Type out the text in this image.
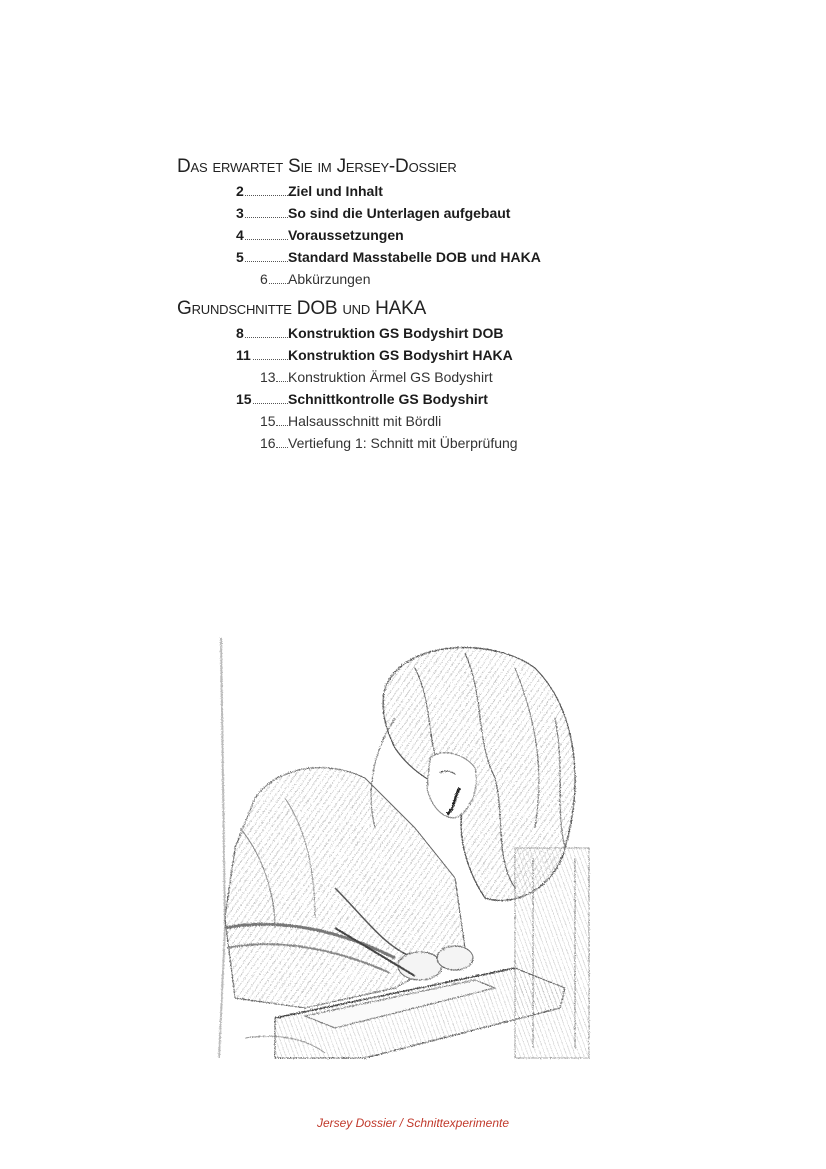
Das erwartet Sie im Jersey-Dossier
2	Ziel und Inhalt
3	So sind die Unterlagen aufgebaut
4	Voraussetzungen
5	Standard Masstabelle DOB und HAKA
6 Abkürzungen
Grundschnitte DOB und HAKA
8	Konstruktion GS Bodyshirt DOB
11	Konstruktion GS Bodyshirt HAKA
13 Konstruktion Ärmel GS Bodyshirt
15	Schnittkontrolle GS Bodyshirt
15 Halsausschnitt mit Bördli
16 Vertiefung 1: Schnitt mit Überprüfung
Jersey Dossier / Schnittexperimente
